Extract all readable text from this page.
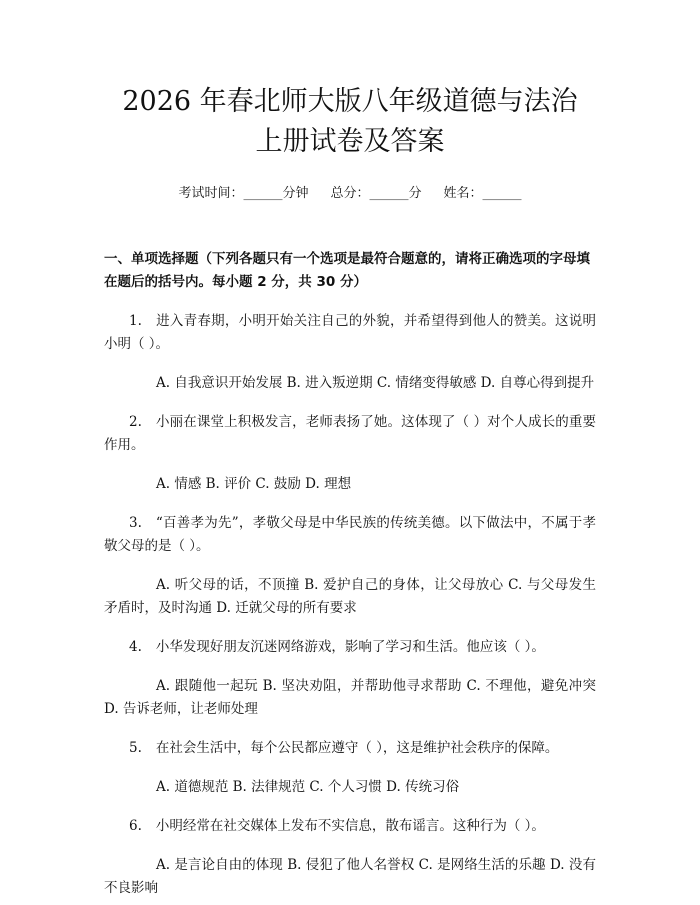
2026 年春北师大版八年级道德与法治上册试卷及答案
考试时间：______分钟 总分：______分 姓名：______
一、单项选择题（下列各题只有一个选项是最符合题意的，请将正确选项的字母填在题后的括号内。每小题 2 分，共 30 分）
1. 进入青春期，小明开始关注自己的外貌，并希望得到他人的赞美。这说明小明（ ）。
A. 自我意识开始发展 B. 进入叛逆期 C. 情绪变得敏感 D. 自尊心得到提升
2. 小丽在课堂上积极发言，老师表扬了她。这体现了（ ）对个人成长的重要作用。
A. 情感 B. 评价 C. 鼓励 D. 理想
3. “百善孝为先”，孝敬父母是中华民族的传统美德。以下做法中，不属于孝敬父母的是（ ）。
A. 听父母的话，不顶撞 B. 爱护自己的身体，让父母放心 C. 与父母发生矛盾时，及时沟通 D. 迁就父母的所有要求
4. 小华发现好朋友沉迷网络游戏，影响了学习和生活。他应该（ ）。
A. 跟随他一起玩 B. 坚决劝阻，并帮助他寻求帮助 C. 不理他，避免冲突 D. 告诉老师，让老师处理
5. 在社会生活中，每个公民都应遵守（ ），这是维护社会秩序的保障。
A. 道德规范 B. 法律规范 C. 个人习惯 D. 传统习俗
6. 小明经常在社交媒体上发布不实信息，散布谣言。这种行为（ ）。
A. 是言论自由的体现 B. 侵犯了他人名誉权 C. 是网络生活的乐趣 D. 没有不良影响
